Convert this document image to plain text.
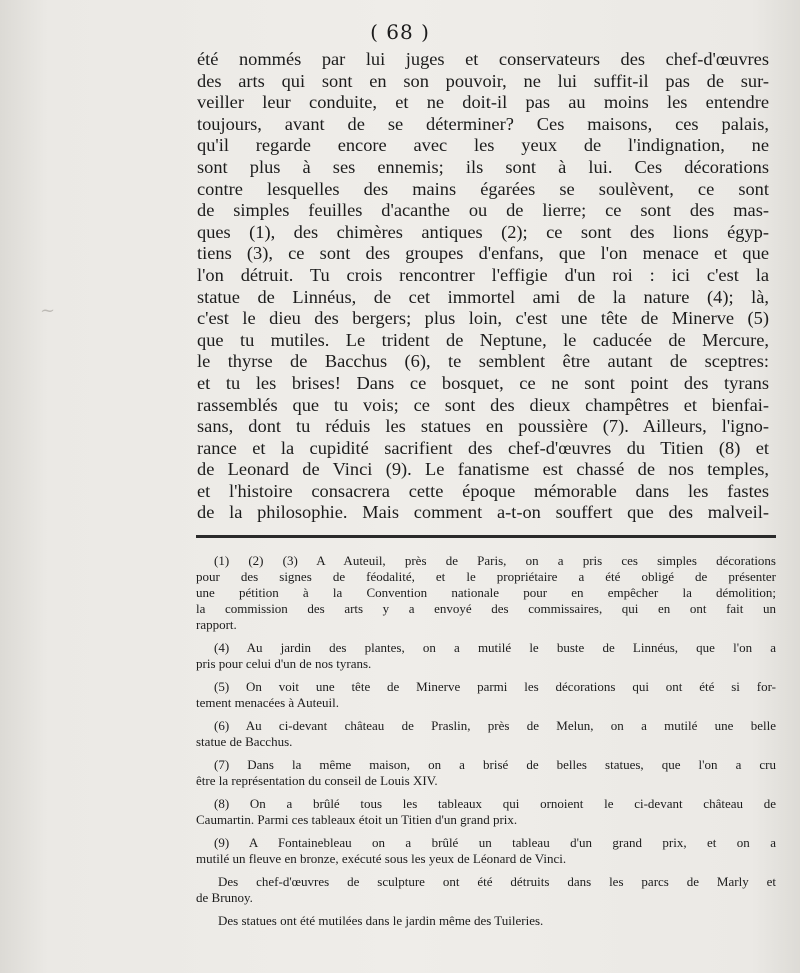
~
( 68 )
été nommés par lui juges et conservateurs des chef-d'œuvres
des arts qui sont en son pouvoir, ne lui suffit-il pas de sur-
veiller leur conduite, et ne doit-il pas au moins les entendre
toujours, avant de se déterminer? Ces maisons, ces palais,
qu'il regarde encore avec les yeux de l'indignation, ne
sont plus à ses ennemis; ils sont à lui. Ces décorations
contre lesquelles des mains égarées se soulèvent, ce sont
de simples feuilles d'acanthe ou de lierre; ce sont des mas-
ques (1), des chimères antiques (2); ce sont des lions égyp-
tiens (3), ce sont des groupes d'enfans, que l'on menace et que
l'on détruit. Tu crois rencontrer l'effigie d'un roi : ici c'est la
statue de Linnéus, de cet immortel ami de la nature (4); là,
c'est le dieu des bergers; plus loin, c'est une tête de Minerve (5)
que tu mutiles. Le trident de Neptune, le caducée de Mercure,
le thyrse de Bacchus (6), te semblent être autant de sceptres:
et tu les brises! Dans ce bosquet, ce ne sont point des tyrans
rassemblés que tu vois; ce sont des dieux champêtres et bienfai-
sans, dont tu réduis les statues en poussière (7). Ailleurs, l'igno-
rance et la cupidité sacrifient des chef-d'œuvres du Titien (8) et
de Leonard de Vinci (9). Le fanatisme est chassé de nos temples,
et l'histoire consacrera cette époque mémorable dans les fastes
de la philosophie. Mais comment a-t-on souffert que des malveil-
(1) (2) (3) A Auteuil, près de Paris, on a pris ces simples décorations
pour des signes de féodalité, et le propriétaire a été obligé de présenter
une pétition à la Convention nationale pour en empêcher la démolition;
la commission des arts y a envoyé des commissaires, qui en ont fait un
rapport.
(4) Au jardin des plantes, on a mutilé le buste de Linnéus, que l'on a
pris pour celui d'un de nos tyrans.
(5) On voit une tête de Minerve parmi les décorations qui ont été si for-
tement menacées à Auteuil.
(6) Au ci-devant château de Praslin, près de Melun, on a mutilé une belle
statue de Bacchus.
(7) Dans la même maison, on a brisé de belles statues, que l'on a cru
être la représentation du conseil de Louis XIV.
(8) On a brûlé tous les tableaux qui ornoient le ci-devant château de
Caumartin. Parmi ces tableaux étoit un Titien d'un grand prix.
(9) A Fontainebleau on a brûlé un tableau d'un grand prix, et on a
mutilé un fleuve en bronze, exécuté sous les yeux de Léonard de Vinci.
Des chef-d'œuvres de sculpture ont été détruits dans les parcs de Marly et
de Brunoy.
Des statues ont été mutilées dans le jardin même des Tuileries.
